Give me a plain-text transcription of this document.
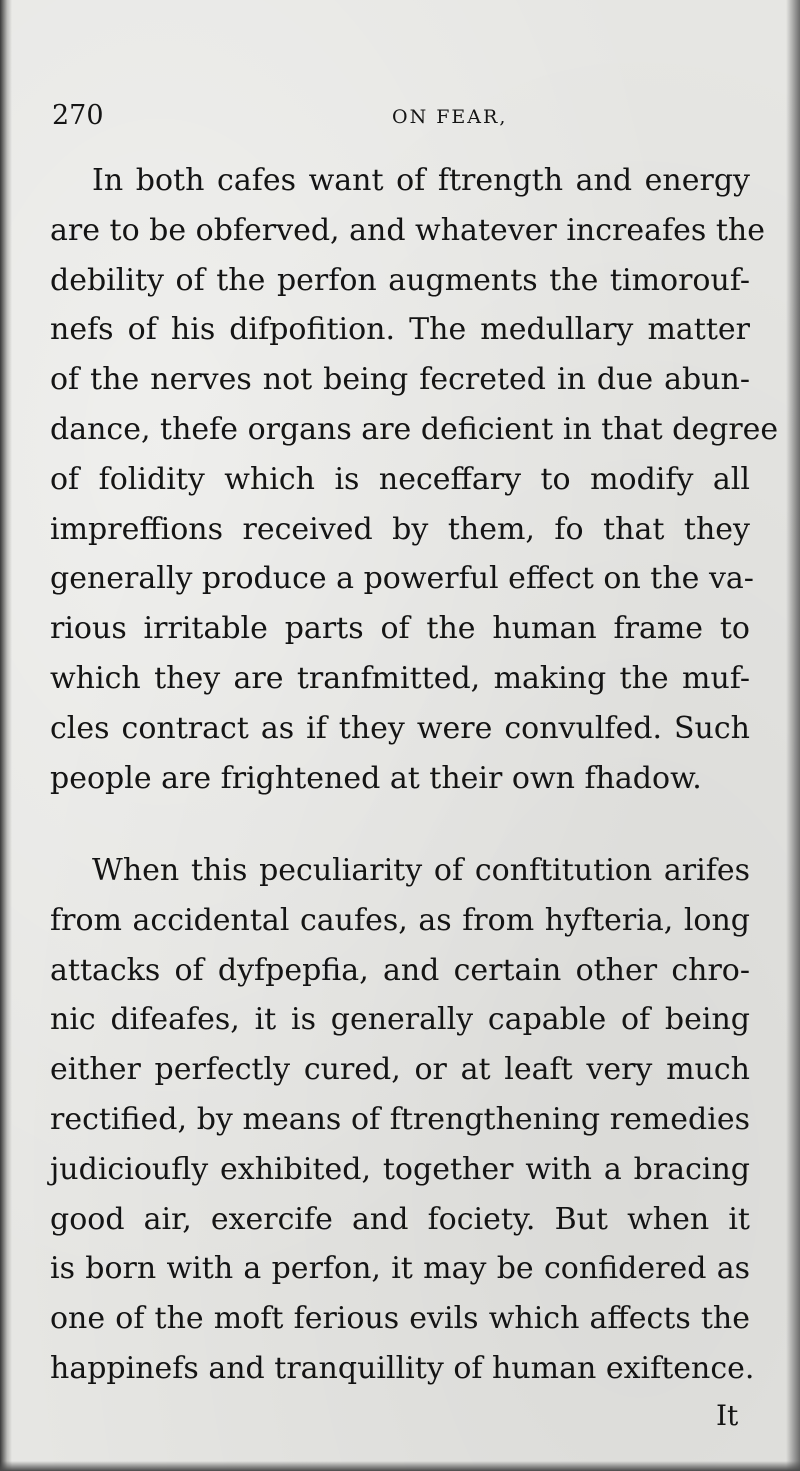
270	ON FEAR,
In both cafes want of ftrength and energy
are to be obferved, and whatever increafes the
debility of the perfon augments the timorouf-
nefs of his difpofition. The medullary matter
of the nerves not being fecreted in due abun-
dance, thefe organs are deficient in that degree
of folidity which is neceffary to modify all
impreffions received by them, fo that they
generally produce a powerful effect on the va-
rious irritable parts of the human frame to
which they are tranfmitted, making the muf-
cles contract as if they were convulfed. Such
people are frightened at their own fhadow.
When this peculiarity of conftitution arifes
from accidental caufes, as from hyfteria, long
attacks of dyfpepfia, and certain other chro-
nic difeafes, it is generally capable of being
either perfectly cured, or at leaft very much
rectified, by means of ftrengthening remedies
judicioufly exhibited, together with a bracing
good air, exercife and fociety. But when it
is born with a perfon, it may be confidered as
one of the moft ferious evils which affects the
happinefs and tranquillity of human exiftence.
It
